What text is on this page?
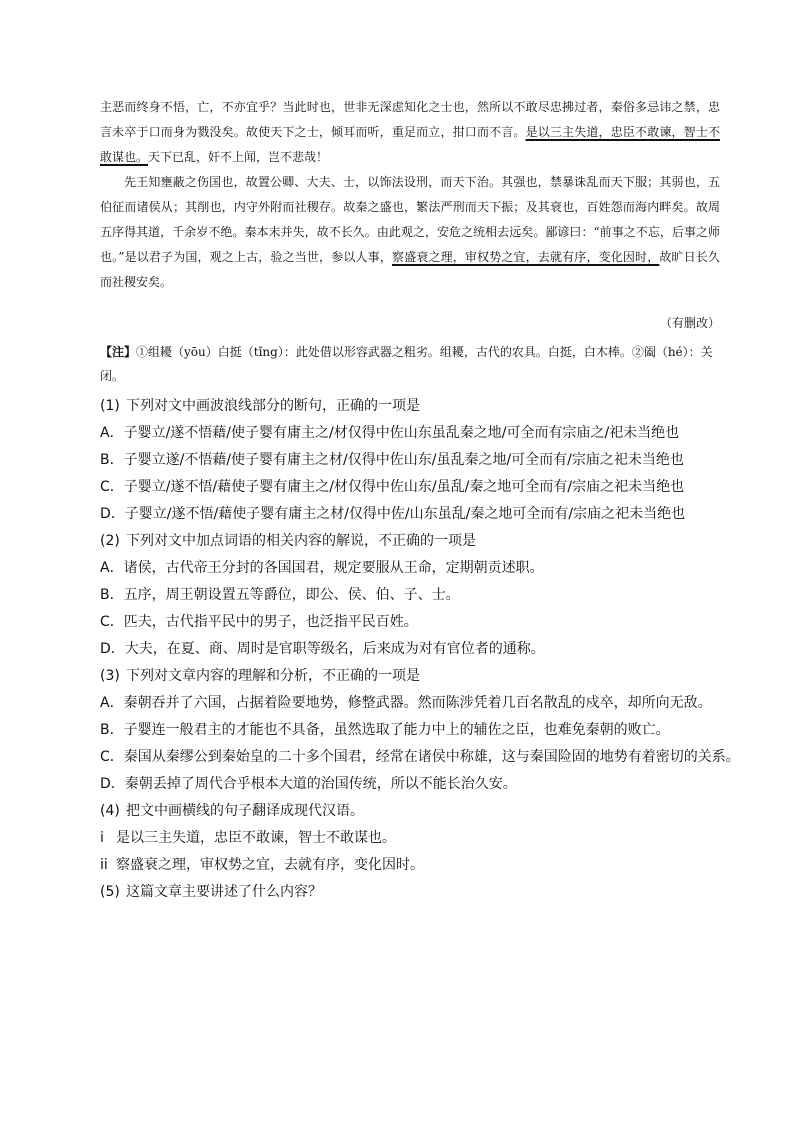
主恶而终身不悟，亡，不亦宜乎？当此时也，世非无深虑知化之士也，然所以不敢尽忠拂过者，秦俗多忌讳之禁，忠言未卒于口而身为戮没矣。故使天下之士，倾耳而听，重足而立，拑口而不言。是以三主失道，忠臣不敢谏，智士不敢谋也。天下已乱，奸不上闻，岂不悲哉！

先王知壅蔽之伤国也，故置公卿、大夫、士，以饰法设刑，而天下治。其强也，禁暴诛乱而天下服；其弱也，五伯征而诸侯从；其削也，内守外附而社稷存。故秦之盛也，繁法严刑而天下振；及其衰也，百姓怨而海内畔矣。故周五序得其道，千余岁不绝。秦本末并失，故不长久。由此观之，安危之统相去远矣。鄙谚曰：“前事之不忘，后事之师也。”是以君子为国，观之上古，验之当世，参以人事，察盛衰之理，审权势之宜，去就有序，变化因时，故旷日长久而社稷安矣。

（有删改）
【注】①组耰（yōu）白挺（tǐng）：此处借以形容武器之粗劣。组耰，古代的农具。白挺，白木棒。②阖（hé）：关闭。
(1) 下列对文中画波浪线部分的断句，正确的一项是
A．子婴立/遂不悟藉/使子婴有庸主之/材仅得中佐山东虽乱秦之地/可全而有宗庙之/祀未当绝也
B．子婴立遂/不悟藉/使子婴有庸主之材/仅得中佐山东/虽乱秦之地/可全而有/宗庙之祀未当绝也
C．子婴立/遂不悟/藉使子婴有庸主之/材仅得中佐山东/虽乱/秦之地可全而有/宗庙之祀未当绝也
D．子婴立/遂不悟/藉使子婴有庸主之材/仅得中佐/山东虽乱/秦之地可全而有/宗庙之祀未当绝也
(2) 下列对文中加点词语的相关内容的解说，不正确的一项是
A．诸侯，古代帝王分封的各国国君，规定要服从王命，定期朝贡述职。
B．五序，周王朝设置五等爵位，即公、侯、伯、子、士。
C．匹夫，古代指平民中的男子，也泛指平民百姓。
D．大夫，在夏、商、周时是官职等级名，后来成为对有官位者的通称。
(3) 下列对文章内容的理解和分析，不正确的一项是
A．秦朝吞并了六国，占据着险要地势，修整武器。然而陈涉凭着几百名散乱的戍卒，却所向无敌。
B．子婴连一般君主的才能也不具备，虽然选取了能力中上的辅佐之臣，也难免秦朝的败亡。
C．秦国从秦缪公到秦始皇的二十多个国君，经常在诸侯中称雄，这与秦国险固的地势有着密切的关系。
D．秦朝丢掉了周代合乎根本大道的治国传统，所以不能长治久安。
(4) 把文中画横线的句子翻译成现代汉语。
i 是以三主失道，忠臣不敢谏，智士不敢谋也。
ii 察盛衰之理，审权势之宜，去就有序，变化因时。
(5) 这篇文章主要讲述了什么内容？
